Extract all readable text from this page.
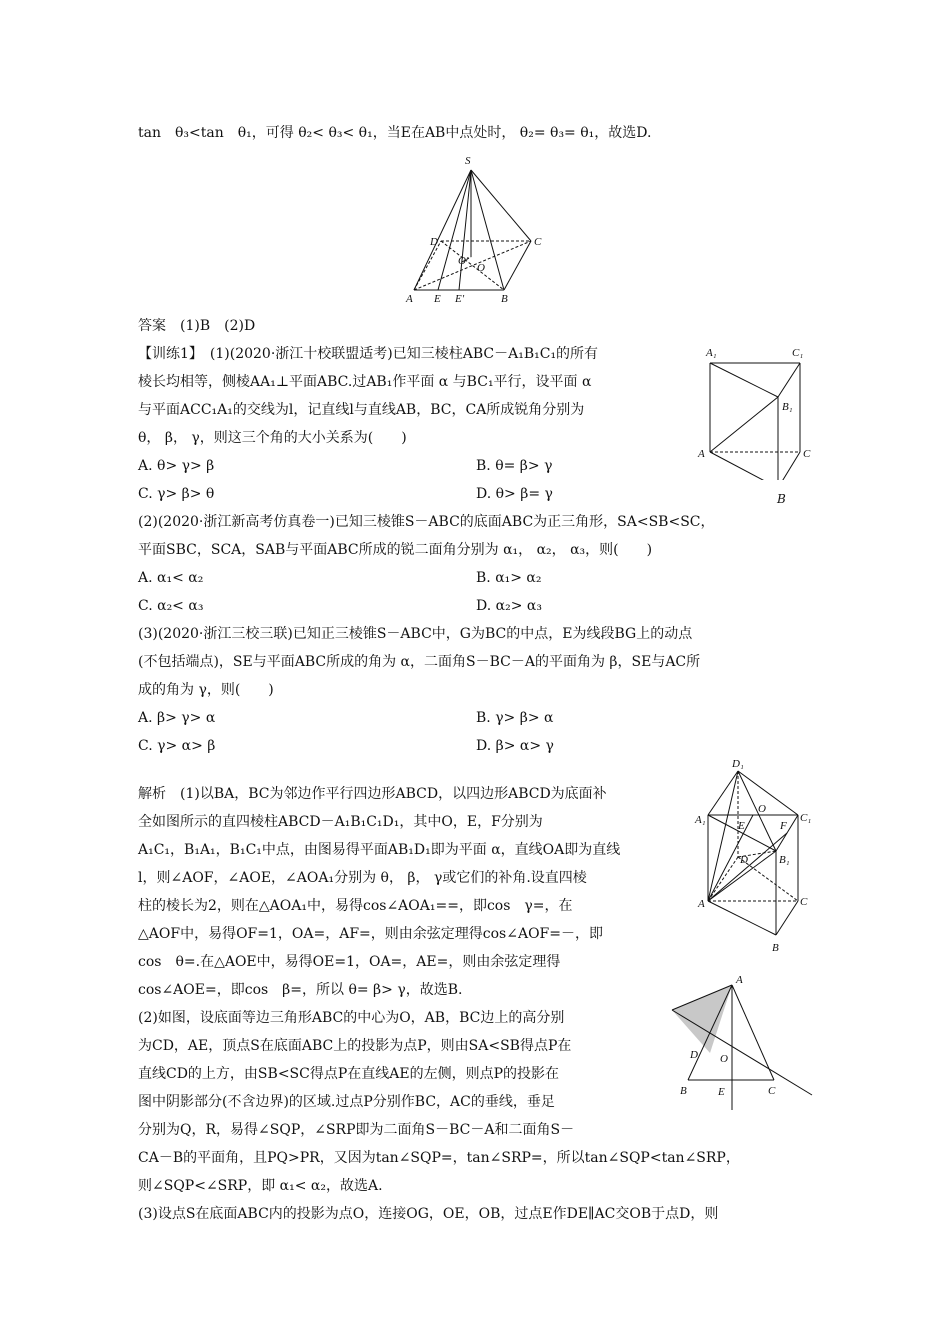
tan　θ₃<tan　θ₁，可得 θ₂< θ₃< θ₁，当E在AB中点处时， θ₂= θ₃= θ₁，故选D.
S
D	C
O′
O
A E E′	B
答案　(1)B　(2)D
【训练1】　(1)(2020·浙江十校联盟适考)已知三棱柱ABC－A₁B₁C₁的所有
棱长均相等，侧棱AA₁⊥平面ABC.过AB₁作平面 α 与BC₁平行，设平面 α
与平面ACC₁A₁的交线为l，记直线l与直线AB，BC，CA所成锐角分别为
θ， β， γ，则这三个角的大小关系为(　　)
A. θ> γ> β	B. θ= β> γ
C. γ> β> θ	D. θ> β= γ
A₁	C₁
B₁
A	C
B
(2)(2020·浙江新高考仿真卷一)已知三棱锥S－ABC的底面ABC为正三角形，SA<SB<SC，
平面SBC，SCA，SAB与平面ABC所成的锐二面角分别为 α₁， α₂， α₃，则(　　)
A. α₁< α₂	B. α₁> α₂
C. α₂< α₃	D. α₂> α₃
(3)(2020·浙江三校三联)已知正三棱锥S－ABC中，G为BC的中点，E为线段BG上的动点
(不包括端点)，SE与平面ABC所成的角为 α，二面角S－BC－A的平面角为 β，SE与AC所
成的角为 γ，则(　　)
A. β> γ> α	B. γ> β> α
C. γ> α> β	D. β> α> γ
D₁
A₁
O
E	F
C₁
D	B₁
A	C
B
解析　(1)以BA，BC为邻边作平行四边形ABCD，以四边形ABCD为底面补
全如图所示的直四棱柱ABCD－A₁B₁C₁D₁，其中O，E，F分别为
A₁C₁，B₁A₁，B₁C₁中点，由图易得平面AB₁D₁即为平面 α，直线OA即为直线
l，则∠AOF，∠AOE，∠AOA₁分别为 θ， β， γ或它们的补角.设直四棱
柱的棱长为2，则在△AOA₁中，易得cos∠AOA₁==，即cos　γ=，在
△AOF中，易得OF=1，OA=，AF=，则由余弦定理得cos∠AOF=－，即
cos　θ=.在△AOE中，易得OE=1，OA=，AE=，则由余弦定理得
cos∠AOE=，即cos　β=，所以 θ= β> γ，故选B.
A
D O
B	E	C
(2)如图，设底面等边三角形ABC的中心为O，AB，BC边上的高分别
为CD，AE，顶点S在底面ABC上的投影为点P，则由SA<SB得点P在
直线CD的上方，由SB<SC得点P在直线AE的左侧，则点P的投影在
图中阴影部分(不含边界)的区域.过点P分别作BC，AC的垂线，垂足
分别为Q，R，易得∠SQP，∠SRP即为二面角S－BC－A和二面角S－
CA－B的平面角，且PQ>PR，又因为tan∠SQP=，tan∠SRP=，所以tan∠SQP<tan∠SRP，
则∠SQP<∠SRP，即 α₁< α₂，故选A.
(3)设点S在底面ABC内的投影为点O，连接OG，OE，OB，过点E作DE∥AC交OB于点D，则
